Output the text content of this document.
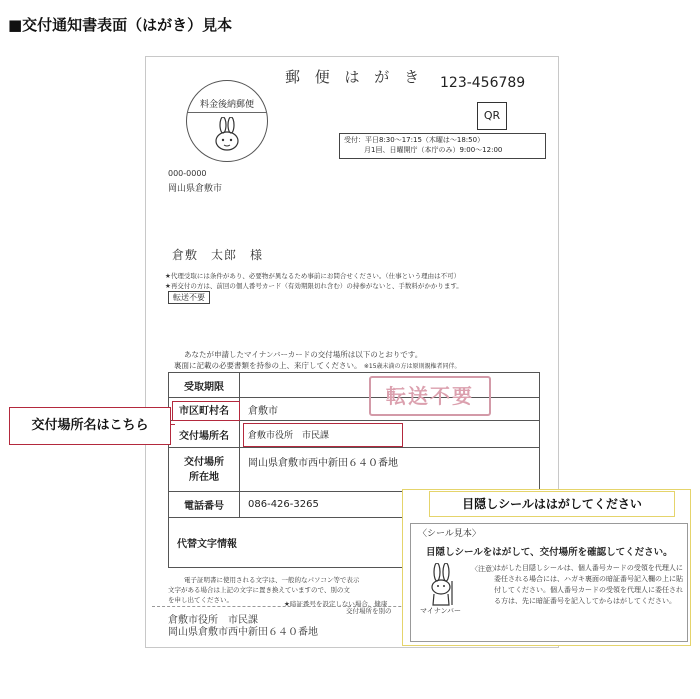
■交付通知書表面（はがき）見本
郵 便 は が き 123-456789
料金後納郵便
QR
受付：平日8:30～17:15（木曜は～18:50）
月1回、日曜開庁（本庁のみ）9:00～12:00
000-0000
岡山県倉敷市
倉敷　太郎　様
★代理受取には条件があり、必要物が異なるため事前にお問合せください。（仕事という理由は不可）
★再交付の方は、前回の個人番号カード（有効期限切れ含む）の持参がないと、手数料がかかります。
転送不要
あなたが申請したマイナンバーカードの交付場所は以下のとおりです。
裏面に記載の必要書類を持参の上、来庁してください。 ※15歳未満の方は原則親権者同伴。
受取期限	
市区町村名	倉敷市
交付場所名	倉敷市役所　市民課
交付場所
所在地	岡山県倉敷市西中新田６４０番地
電話番号	086-426-3265
代替文字情報	
転送不要
交付場所名はこちら
電子証明書に使用される文字は、一般的なパソコン等で表示
文字がある場合は上記の文字に置き換えていますので、別の文
を申し出てください。	★暗証番号を設定しない場合、健康
交付場所を別の
倉敷市役所　市民課
岡山県倉敷市西中新田６４０番地
目隠しシールははがしてください
〈シール見本〉
目隠しシールをはがして、交付場所を確認してください。
マイナンバー
〈注意〉
はがした目隠しシールは、個人番号カードの受領を代理人に委任される場合には、ハガキ裏面の暗証番号記入欄の上に貼付してください。個人番号カードの受領を代理人に委任される方は、先に暗証番号を記入してからはがしてください。
